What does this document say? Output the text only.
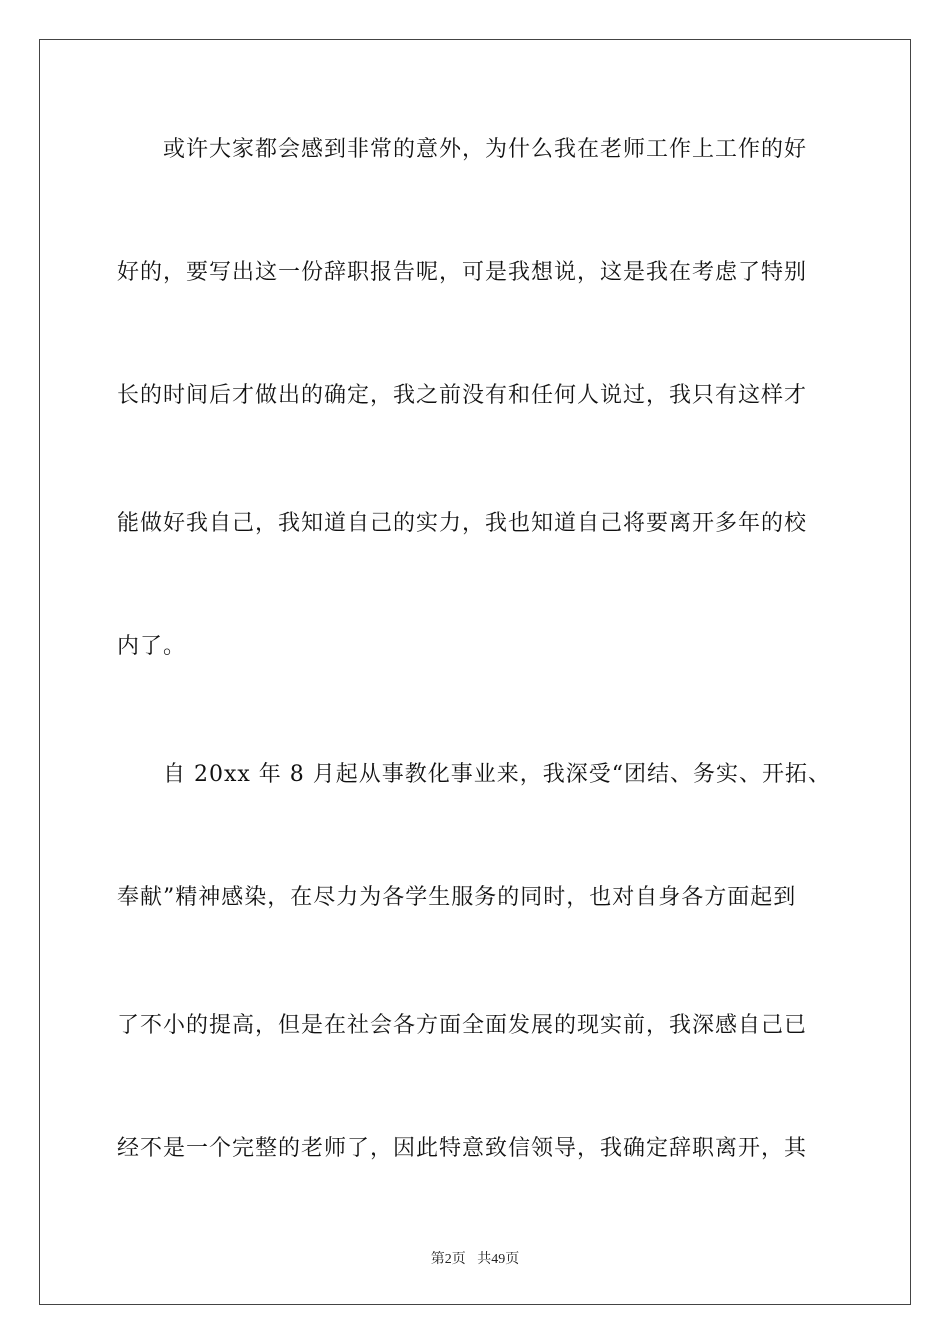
　　或许大家都会感到非常的意外，为什么我在老师工作上工作的好
好的，要写出这一份辞职报告呢，可是我想说，这是我在考虑了特别
长的时间后才做出的确定，我之前没有和任何人说过，我只有这样才
能做好我自己，我知道自己的实力，我也知道自己将要离开多年的校
内了。
　　自 20xx 年 8 月起从事教化事业来，我深受“团结、务实、开拓、
奉献”精神感染，在尽力为各学生服务的同时，也对自身各方面起到
了不小的提高，但是在社会各方面全面发展的现实前，我深感自己已
经不是一个完整的老师了，因此特意致信领导，我确定辞职离开，其
第2页 共49页
